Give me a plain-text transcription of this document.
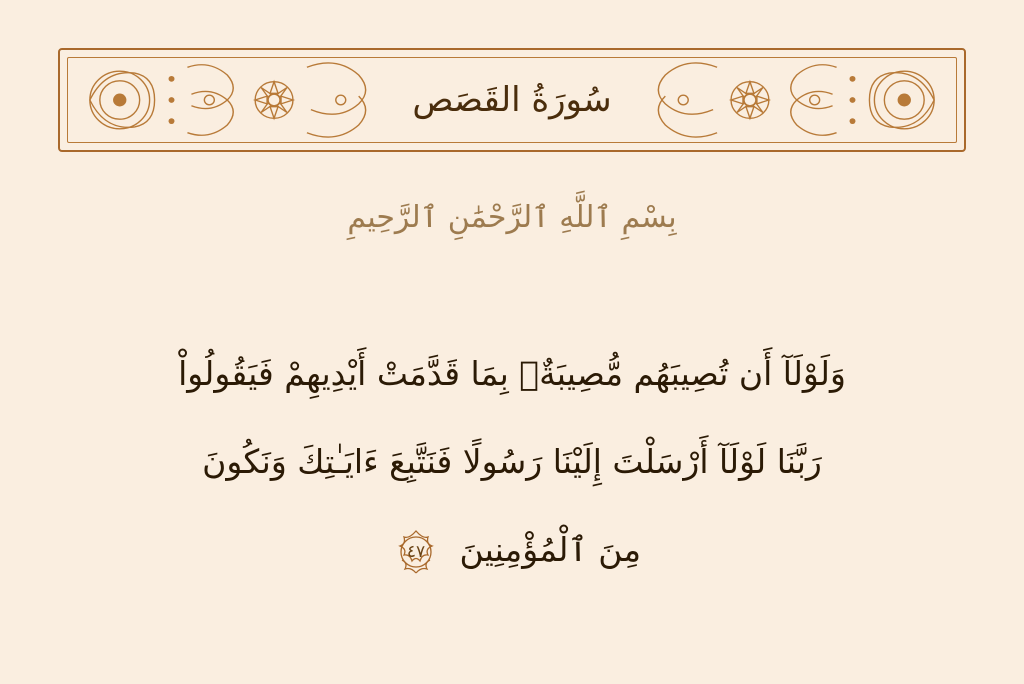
سُورَةُ القَصَص
بِسْمِ ٱللَّهِ ٱلرَّحْمَٰنِ ٱلرَّحِيمِ
وَلَوْلَآ أَن تُصِيبَهُم مُّصِيبَةٌۢ بِمَا قَدَّمَتْ أَيْدِيهِمْ فَيَقُولُواْ
رَبَّنَا لَوْلَآ أَرْسَلْتَ إِلَيْنَا رَسُولًا فَنَتَّبِعَ ءَايَـٰتِكَ وَنَكُونَ
مِنَ ٱلْمُؤْمِنِينَ
٤٧
